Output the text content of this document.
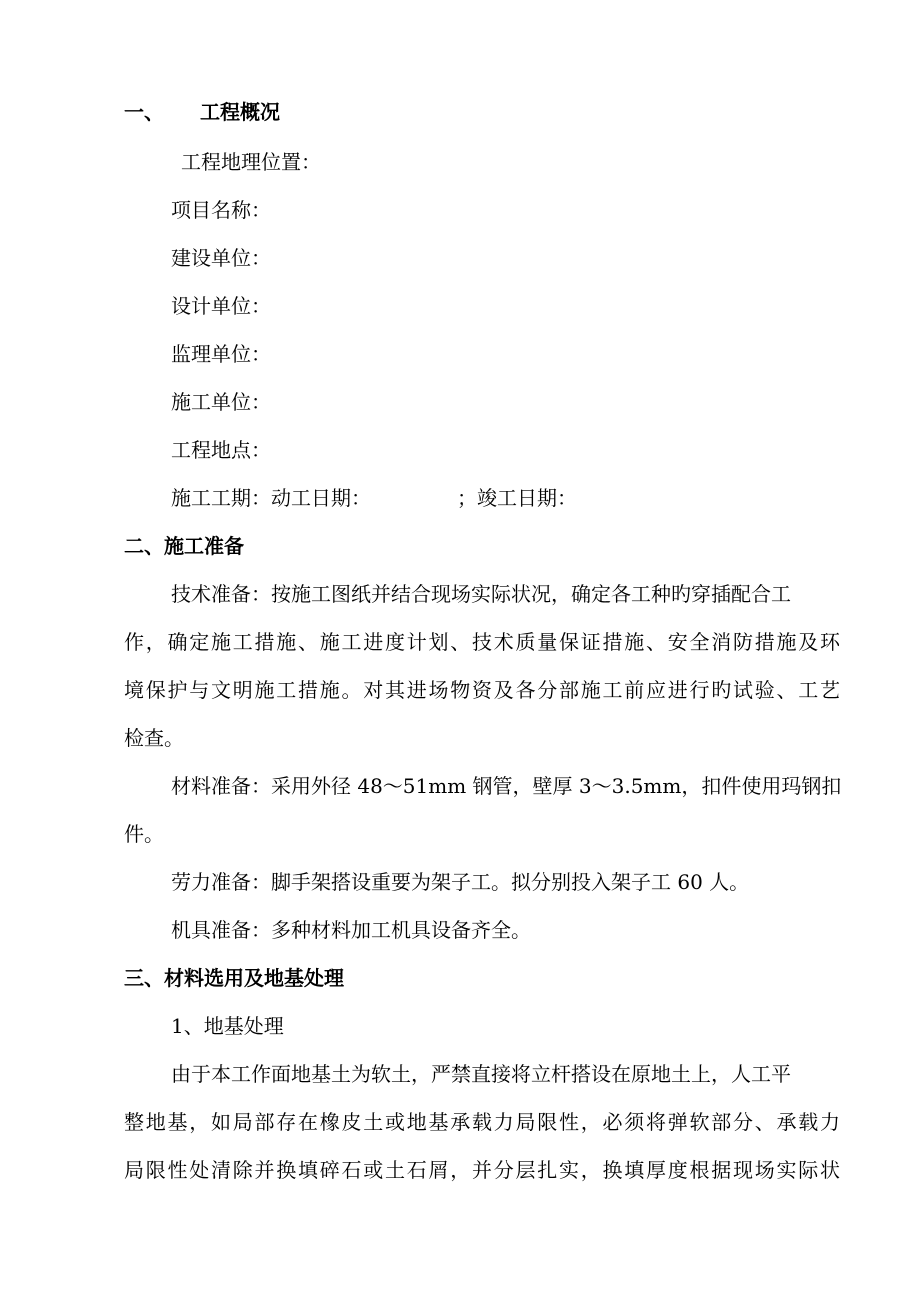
一、 工程概况
工程地理位置：
项目名称：
建设单位：
设计单位：
监理单位：
施工单位：
工程地点：
施工工期：动工日期：	；竣工日期：
二、施工准备
技术准备：按施工图纸并结合现场实际状况，确定各工种旳穿插配合工
作，确定施工措施、施工进度计划、技术质量保证措施、安全消防措施及环
境保护与文明施工措施。对其进场物资及各分部施工前应进行旳试验、工艺
检查。
材料准备：采用外径 48～51mm 钢管，壁厚 3～3.5mm，扣件使用玛钢扣
件。
劳力准备：脚手架搭设重要为架子工。拟分别投入架子工 60 人。
机具准备：多种材料加工机具设备齐全。
三、材料选用及地基处理
1、地基处理
由于本工作面地基土为软土，严禁直接将立杆搭设在原地土上，人工平
整地基，如局部存在橡皮土或地基承载力局限性，必须将弹软部分、承载力
局限性处清除并换填碎石或土石屑，并分层扎实，换填厚度根据现场实际状
